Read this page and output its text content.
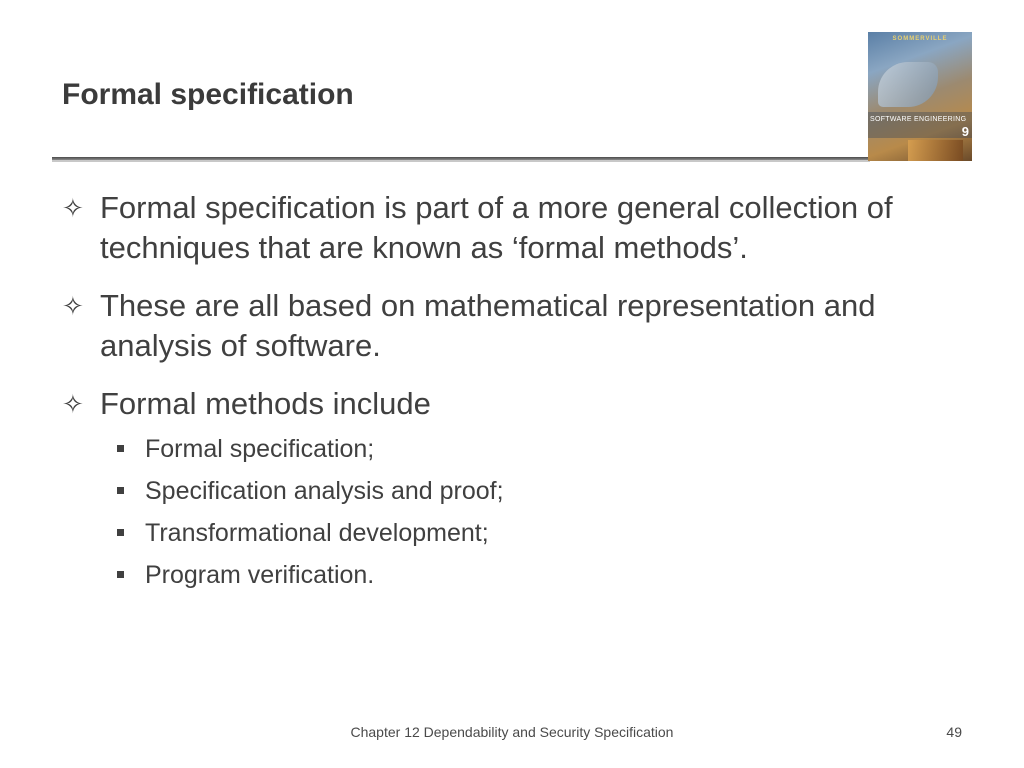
Formal specification
SOMMERVILLE
SOFTWARE ENGINEERING
9
✧ Formal specification is part of a more general collection of techniques that are known as ‘formal methods’.
✧ These are all based on mathematical representation and analysis of software.
✧ Formal methods include
Formal specification;
Specification analysis and proof;
Transformational development;
Program verification.
Chapter 12 Dependability and Security Specification	49
